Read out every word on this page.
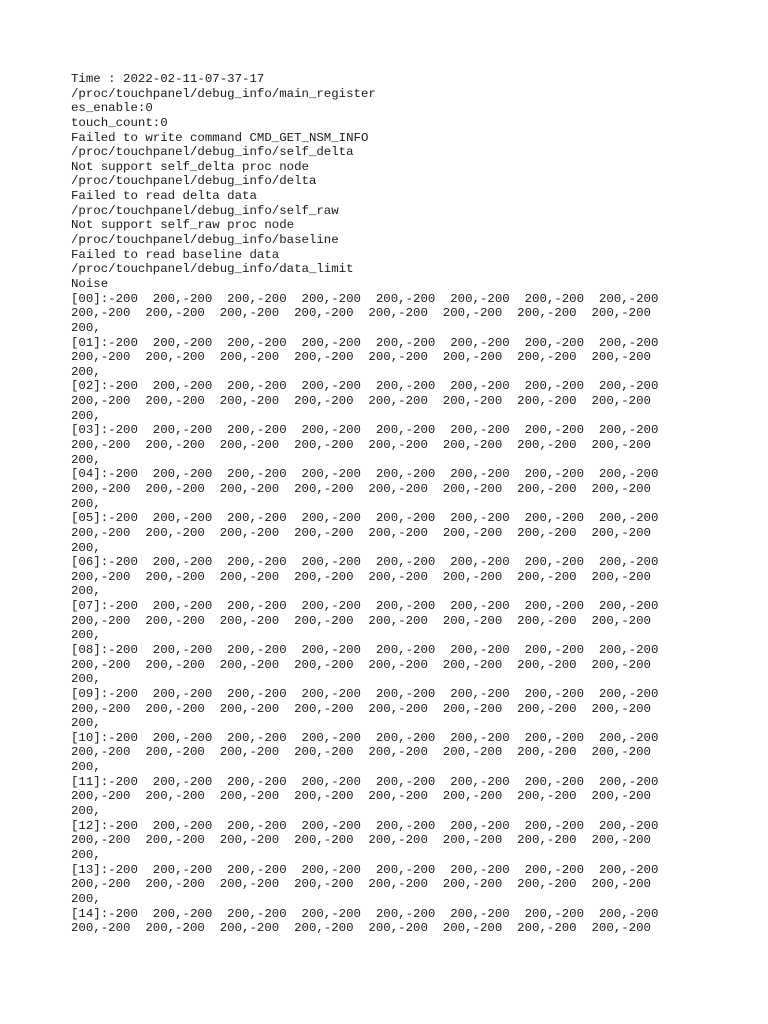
Time : 2022-02-11-07-37-17
/proc/touchpanel/debug_info/main_register
es_enable:0
touch_count:0
Failed to write command CMD_GET_NSM_INFO
/proc/touchpanel/debug_info/self_delta
Not support self_delta proc node
/proc/touchpanel/debug_info/delta
Failed to read delta data
/proc/touchpanel/debug_info/self_raw
Not support self_raw proc node
/proc/touchpanel/debug_info/baseline
Failed to read baseline data
/proc/touchpanel/debug_info/data_limit
Noise
[00]:-200  200,-200  200,-200  200,-200  200,-200  200,-200  200,-200  200,-200
200,-200  200,-200  200,-200  200,-200  200,-200  200,-200  200,-200  200,-200
200,
[01]:-200  200,-200  200,-200  200,-200  200,-200  200,-200  200,-200  200,-200
200,-200  200,-200  200,-200  200,-200  200,-200  200,-200  200,-200  200,-200
200,
[02]:-200  200,-200  200,-200  200,-200  200,-200  200,-200  200,-200  200,-200
200,-200  200,-200  200,-200  200,-200  200,-200  200,-200  200,-200  200,-200
200,
[03]:-200  200,-200  200,-200  200,-200  200,-200  200,-200  200,-200  200,-200
200,-200  200,-200  200,-200  200,-200  200,-200  200,-200  200,-200  200,-200
200,
[04]:-200  200,-200  200,-200  200,-200  200,-200  200,-200  200,-200  200,-200
200,-200  200,-200  200,-200  200,-200  200,-200  200,-200  200,-200  200,-200
200,
[05]:-200  200,-200  200,-200  200,-200  200,-200  200,-200  200,-200  200,-200
200,-200  200,-200  200,-200  200,-200  200,-200  200,-200  200,-200  200,-200
200,
[06]:-200  200,-200  200,-200  200,-200  200,-200  200,-200  200,-200  200,-200
200,-200  200,-200  200,-200  200,-200  200,-200  200,-200  200,-200  200,-200
200,
[07]:-200  200,-200  200,-200  200,-200  200,-200  200,-200  200,-200  200,-200
200,-200  200,-200  200,-200  200,-200  200,-200  200,-200  200,-200  200,-200
200,
[08]:-200  200,-200  200,-200  200,-200  200,-200  200,-200  200,-200  200,-200
200,-200  200,-200  200,-200  200,-200  200,-200  200,-200  200,-200  200,-200
200,
[09]:-200  200,-200  200,-200  200,-200  200,-200  200,-200  200,-200  200,-200
200,-200  200,-200  200,-200  200,-200  200,-200  200,-200  200,-200  200,-200
200,
[10]:-200  200,-200  200,-200  200,-200  200,-200  200,-200  200,-200  200,-200
200,-200  200,-200  200,-200  200,-200  200,-200  200,-200  200,-200  200,-200
200,
[11]:-200  200,-200  200,-200  200,-200  200,-200  200,-200  200,-200  200,-200
200,-200  200,-200  200,-200  200,-200  200,-200  200,-200  200,-200  200,-200
200,
[12]:-200  200,-200  200,-200  200,-200  200,-200  200,-200  200,-200  200,-200
200,-200  200,-200  200,-200  200,-200  200,-200  200,-200  200,-200  200,-200
200,
[13]:-200  200,-200  200,-200  200,-200  200,-200  200,-200  200,-200  200,-200
200,-200  200,-200  200,-200  200,-200  200,-200  200,-200  200,-200  200,-200
200,
[14]:-200  200,-200  200,-200  200,-200  200,-200  200,-200  200,-200  200,-200
200,-200  200,-200  200,-200  200,-200  200,-200  200,-200  200,-200  200,-200
